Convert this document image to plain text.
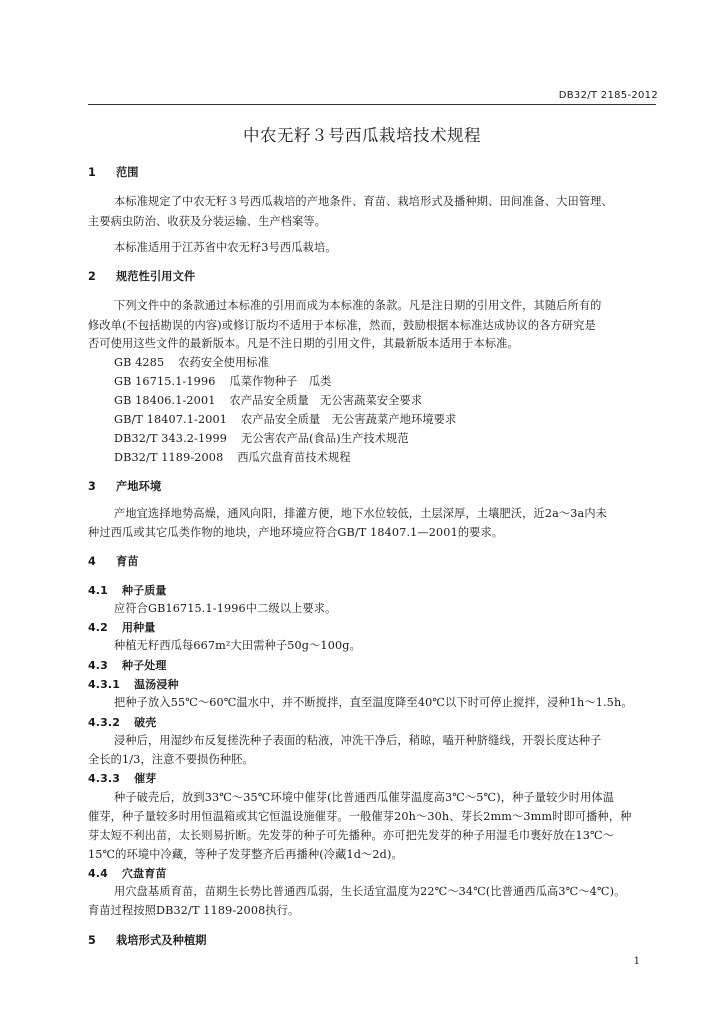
DB32/T 2185-2012
中农无籽３号西瓜栽培技术规程
1 范围
本标准规定了中农无籽３号西瓜栽培的产地条件、育苗、栽培形式及播种期、田间准备、大田管理、
主要病虫防治、收获及分装运输、生产档案等。
本标准适用于江苏省中农无籽3号西瓜栽培。
2 规范性引用文件
下列文件中的条款通过本标准的引用而成为本标准的条款。凡是注日期的引用文件，其随后所有的
修改单(不包括勘误的内容)或修订版均不适用于本标准，然而，鼓励根据本标准达成协议的各方研究是
否可使用这些文件的最新版本。凡是不注日期的引用文件，其最新版本适用于本标准。
GB 4285 农药安全使用标准
GB 16715.1-1996 瓜菜作物种子　瓜类
GB 18406.1-2001 农产品安全质量　无公害蔬菜安全要求
GB/T 18407.1-2001 农产品安全质量　无公害蔬菜产地环境要求
DB32/T 343.2-1999 无公害农产品(食品)生产技术规范
DB32/T 1189-2008 西瓜穴盘育苗技术规程
3 产地环境
产地宜选择地势高燥，通风向阳，排灌方便，地下水位较低，土层深厚，土壤肥沃，近2a～3a内未
种过西瓜或其它瓜类作物的地块，产地环境应符合GB/T 18407.1—2001的要求。
4 育苗
4.1 种子质量
应符合GB16715.1-1996中二级以上要求。
4.2 用种量
种植无籽西瓜每667m²大田需种子50g～100g。
4.3 种子处理
4.3.1 温汤浸种
把种子放入55℃～60℃温水中，并不断搅拌，直至温度降至40℃以下时可停止搅拌，浸种1h～1.5h。
4.3.2 破壳
浸种后，用湿纱布反复搓洗种子表面的粘液，冲洗干净后，稍晾，嗑开种脐缝线，开裂长度达种子
全长的1/3，注意不要损伤种胚。
4.3.3 催芽
种子破壳后，放到33℃～35℃环境中催芽(比普通西瓜催芽温度高3℃～5℃)，种子量较少时用体温
催芽，种子量较多时用恒温箱或其它恒温设施催芽。一般催芽20h～30h、芽长2mm～3mm时即可播种，种
芽太短不利出苗，太长则易折断。先发芽的种子可先播种。亦可把先发芽的种子用湿毛巾裹好放在13℃～
15℃的环境中冷藏，等种子发芽整齐后再播种(冷藏1d～2d)。
4.4 穴盘育苗
用穴盘基质育苗，苗期生长势比普通西瓜弱，生长适宜温度为22℃～34℃(比普通西瓜高3℃～4℃)。
育苗过程按照DB32/T 1189-2008执行。
5 栽培形式及种植期
1
